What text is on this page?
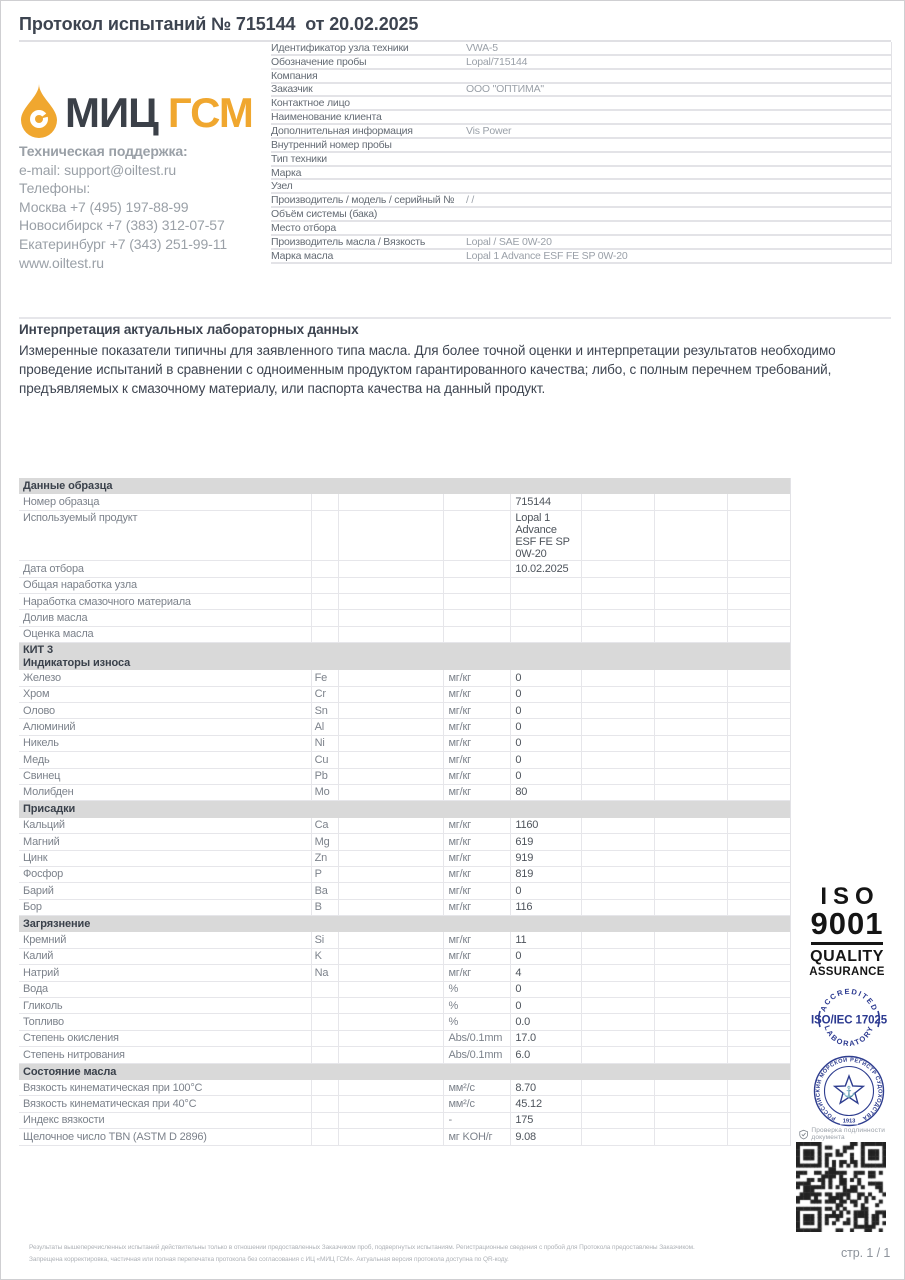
Протокол испытаний № 715144  от 20.02.2025
МИЦ ГСМ
Техническая поддержка:
e-mail: support@oiltest.ru
Телефоны:
Москва +7 (495) 197-88-99
Новосибирск +7 (383) 312-07-57
Екатеринбург +7 (343) 251-99-11
www.oiltest.ru
Идентификатор узла техники	VWA-5
Обозначение пробы	Lopal/715144
Компания
Заказчик	ООО "ОПТИМА"
Контактное лицо
Наименование клиента
Дополнительная информация	Vis Power
Внутренний номер пробы
Тип техники
Марка
Узел
Производитель / модель / серийный №	/ /
Объём системы (бака)
Место отбора
Производитель масла / Вязкость	Lopal / SAE 0W-20
Марка масла	Lopal 1 Advance ESF FE SP 0W-20
Интерпретация актуальных лабораторных данных
Измеренные показатели типичны для заявленного типа масла. Для более точной оценки и интерпретации результатов необходимо проведение испытаний в сравнении с одноименным продуктом гарантированного качества; либо, с полным перечнем требований, предъявляемых к смазочному материалу, или паспорта качества на данный продукт.
Данные образца
Номер образца	715144
Используемый продукт	Lopal 1 Advance ESF FE SP 0W-20
Дата отбора	10.02.2025
Общая наработка узла
Наработка смазочного материала
Долив масла
Оценка масла
КИТ 3
Индикаторы износа
Железо	Fe	мг/кг	0
Хром	Cr	мг/кг	0
Олово	Sn	мг/кг	0
Алюминий	Al	мг/кг	0
Никель	Ni	мг/кг	0
Медь	Cu	мг/кг	0
Свинец	Pb	мг/кг	0
Молибден	Mo	мг/кг	80
Присадки
Кальций	Ca	мг/кг	1160
Магний	Mg	мг/кг	619
Цинк	Zn	мг/кг	919
Фосфор	P	мг/кг	819
Барий	Ba	мг/кг	0
Бор	B	мг/кг	116
Загрязнение
Кремний	Si	мг/кг	11
Калий	K	мг/кг	0
Натрий	Na	мг/кг	4
Вода	%	0
Гликоль	%	0
Топливо	%	0.0
Степень окисления	Abs/0.1mm	17.0
Степень нитрования	Abs/0.1mm	6.0
Состояние масла
Вязкость кинематическая при 100°C	мм²/с	8.70
Вязкость кинематическая при 40°C	мм²/с	45.12
Индекс вязкости	-	175
Щелочное число TBN (ASTM D 2896)	мг KOH/г	9.08
ISO
9001
QUALITY
ASSURANCE
ACCREDITED
ISO/IEC 17025
LABORATORY
РОССИЙСКИЙ МОРСКОЙ РЕГИСТР СУДОХОДСТВА
1913
⚓
Проверка подлинности документа
Результаты вышеперечисленных испытаний действительны только в отношении предоставленных Заказчиком проб, подвергнутых испытаниям. Регистрационные сведения с пробой для Протокола предоставлены Заказчиком.
Запрещена корректировка, частичная или полная перепечатка протокола без согласования с ИЦ «МИЦ ГСМ». Актуальная версия протокола доступна по QR-коду.	стр. 1 / 1
